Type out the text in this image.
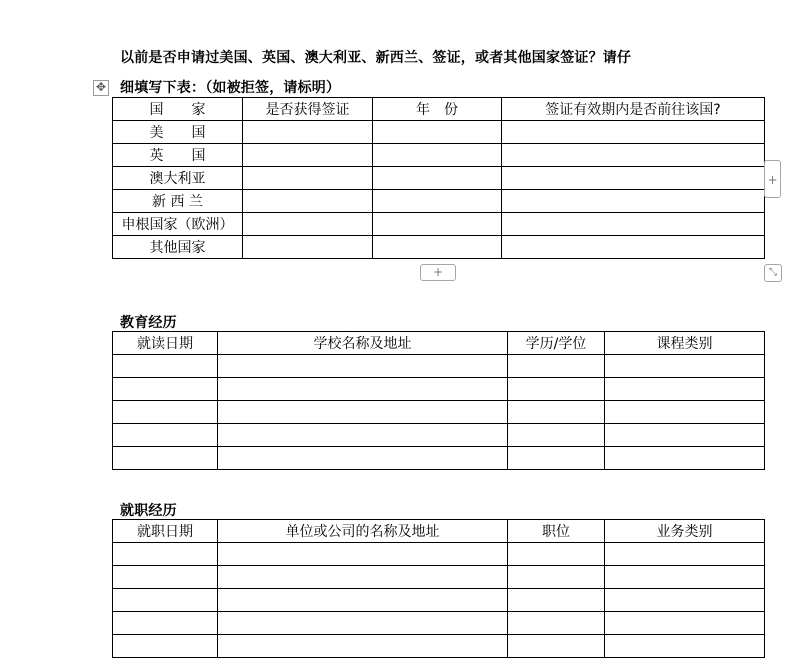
✥
以前是否申请过美国、英国、澳大利亚、新西兰、签证，或者其他国家签证？请仔
细填写下表：（如被拒签，请标明）
国　　家	是否获得签证	年　份	签证有效期内是否前往该国?
美　　国			
英　　国			
澳大利亚			
新 西 兰			
申根国家（欧洲）			
其他国家			
+
+	⤡
教育经历
就读日期	学校名称及地址	学历/学位	课程类别

就职经历
就职日期	单位或公司的名称及地址	职位	业务类别
